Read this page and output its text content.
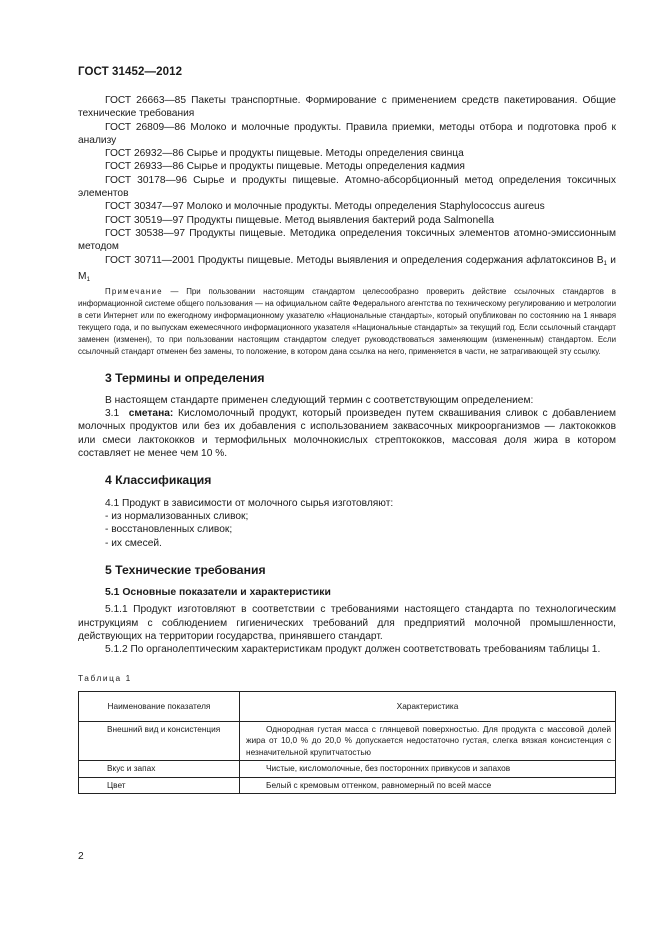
ГОСТ 31452—2012

ГОСТ 26663—85 Пакеты транспортные. Формирование с применением средств пакетирования. Общие технические требования

ГОСТ 26809—86 Молоко и молочные продукты. Правила приемки, методы отбора и подготовка проб к анализу

ГОСТ 26932—86 Сырье и продукты пищевые. Методы определения свинца

ГОСТ 26933—86 Сырье и продукты пищевые. Методы определения кадмия

ГОСТ 30178—96 Сырье и продукты пищевые. Атомно-абсорбционный метод определения токсичных элементов

ГОСТ 30347—97 Молоко и молочные продукты. Методы определения Staphylococcus aureus

ГОСТ 30519—97 Продукты пищевые. Метод выявления бактерий рода Salmonella

ГОСТ 30538—97 Продукты пищевые. Методика определения токсичных элементов атомно-эмиссионным методом

ГОСТ 30711—2001 Продукты пищевые. Методы выявления и определения содержания афлатоксинов $B_1$ и $M_1$

Примечание — При пользовании настоящим стандартом целесообразно проверить действие ссылочных стандартов в информационной системе общего пользования — на официальном сайте Федерального агентства по техническому регулированию и метрологии в сети Интернет или по ежегодному информационному указателю «Национальные стандарты», который опубликован по состоянию на 1 января текущего года, и по выпускам ежемесячного информационного указателя «Национальные стандарты» за текущий год. Если ссылочный стандарт заменен (изменен), то при пользовании настоящим стандартом следует руководствоваться заменяющим (измененным) стандартом. Если ссылочный стандарт отменен без замены, то положение, в котором дана ссылка на него, применяется в части, не затрагивающей эту ссылку.

3 Термины и определения

В настоящем стандарте применен следующий термин с соответствующим определением:

3.1 сметана: Кисломолочный продукт, который произведен путем сквашивания сливок с добавлением молочных продуктов или без их добавления с использованием заквасочных микроорганизмов — лактококков или смеси лактококков и термофильных молочнокислых стрептококков, массовая доля жира в котором составляет не менее чем 10 %.

4 Классификация

4.1 Продукт в зависимости от молочного сырья изготовляют:

- из нормализованных сливок;
- восстановленных сливок;
- их смесей.
5 Технические требования
5.1 Основные показатели и характеристики

5.1.1 Продукт изготовляют в соответствии с требованиями настоящего стандарта по технологическим инструкциям с соблюдением гигиенических требований для предприятий молочной промышленности, действующих на территории государства, принявшего стандарт.

5.1.2 По органолептическим характеристикам продукт должен соответствовать требованиям таблицы 1.

Таблица 1
Наименование показателя	Характеристика

Внешний вид и консистенция	Однородная густая масса с глянцевой поверхностью. Для продукта с массовой долей жира от 10,0 % до 20,0 % допускается недостаточно густая, слегка вязкая консистенция с незначительной крупитчатостью

Вкус и запах	Чистые, кисломолочные, без посторонних привкусов и запахов

Цвет	Белый с кремовым оттенком, равномерный по всей массе
2
